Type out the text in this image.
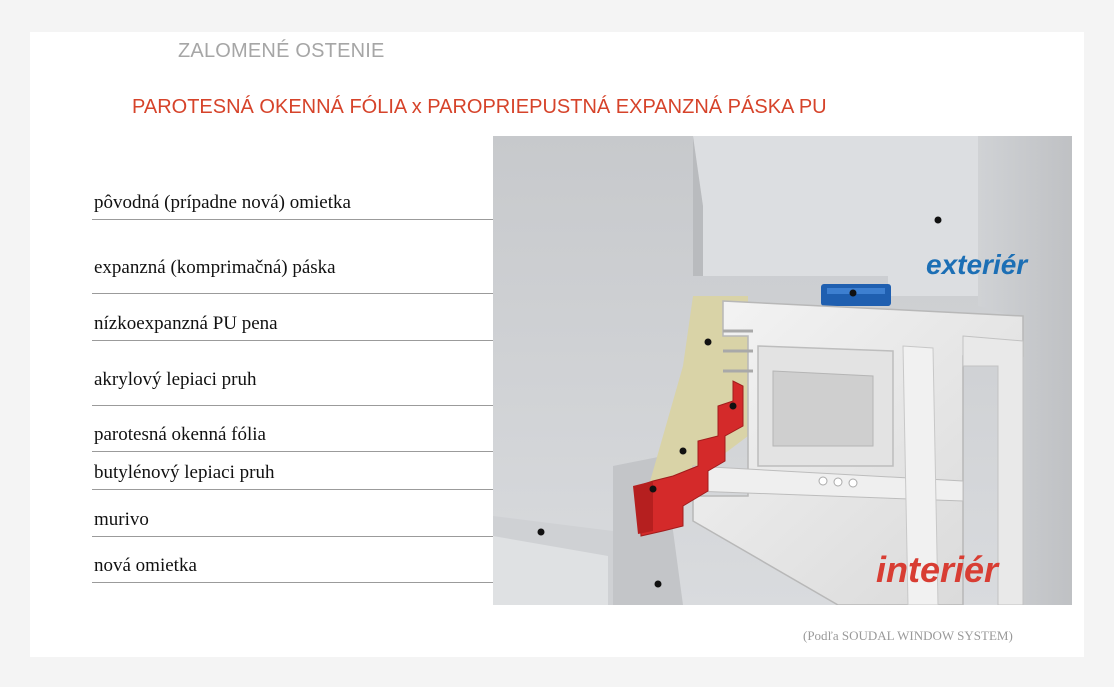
ZALOMENÉ OSTENIE
PAROTESNÁ OKENNÁ FÓLIA x PAROPRIEPUSTNÁ EXPANZNÁ PÁSKA PU
pôvodná (prípadne nová) omietka
expanzná (komprimačná) páska
nízkoexpanzná PU pena
akrylový lepiaci pruh
parotesná okenná fólia
butylénový lepiaci pruh
murivo
nová omietka
exteriér
interiér
(Podľa SOUDAL WINDOW SYSTEM)
